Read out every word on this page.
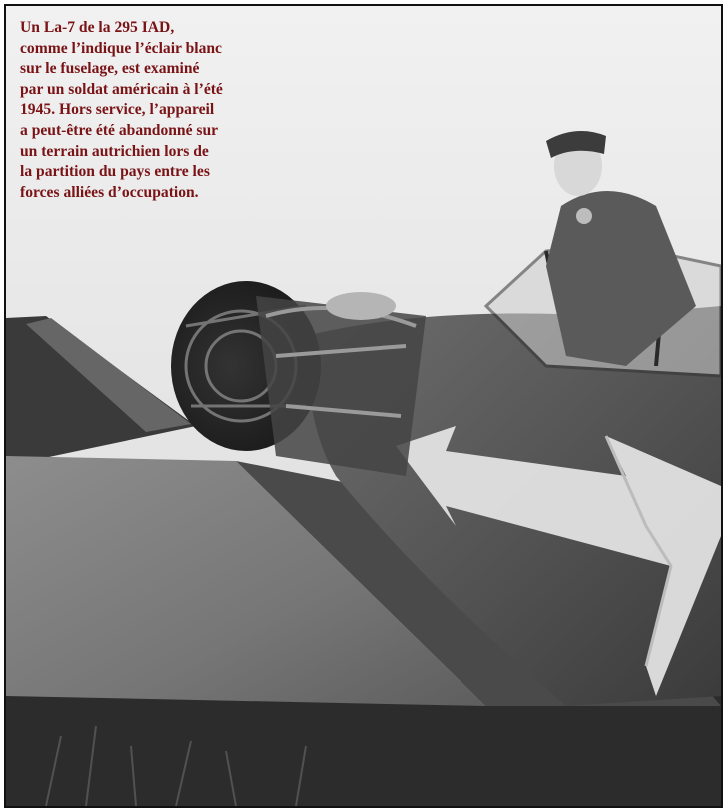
Un La-7 de la 295 IAD,
comme l’indique l’éclair blanc
sur le fuselage, est examiné
par un soldat américain à l’été
1945. Hors service, l’appareil
a peut-être été abandonné sur
un terrain autrichien lors de
la partition du pays entre les
forces alliées d’occupation.
